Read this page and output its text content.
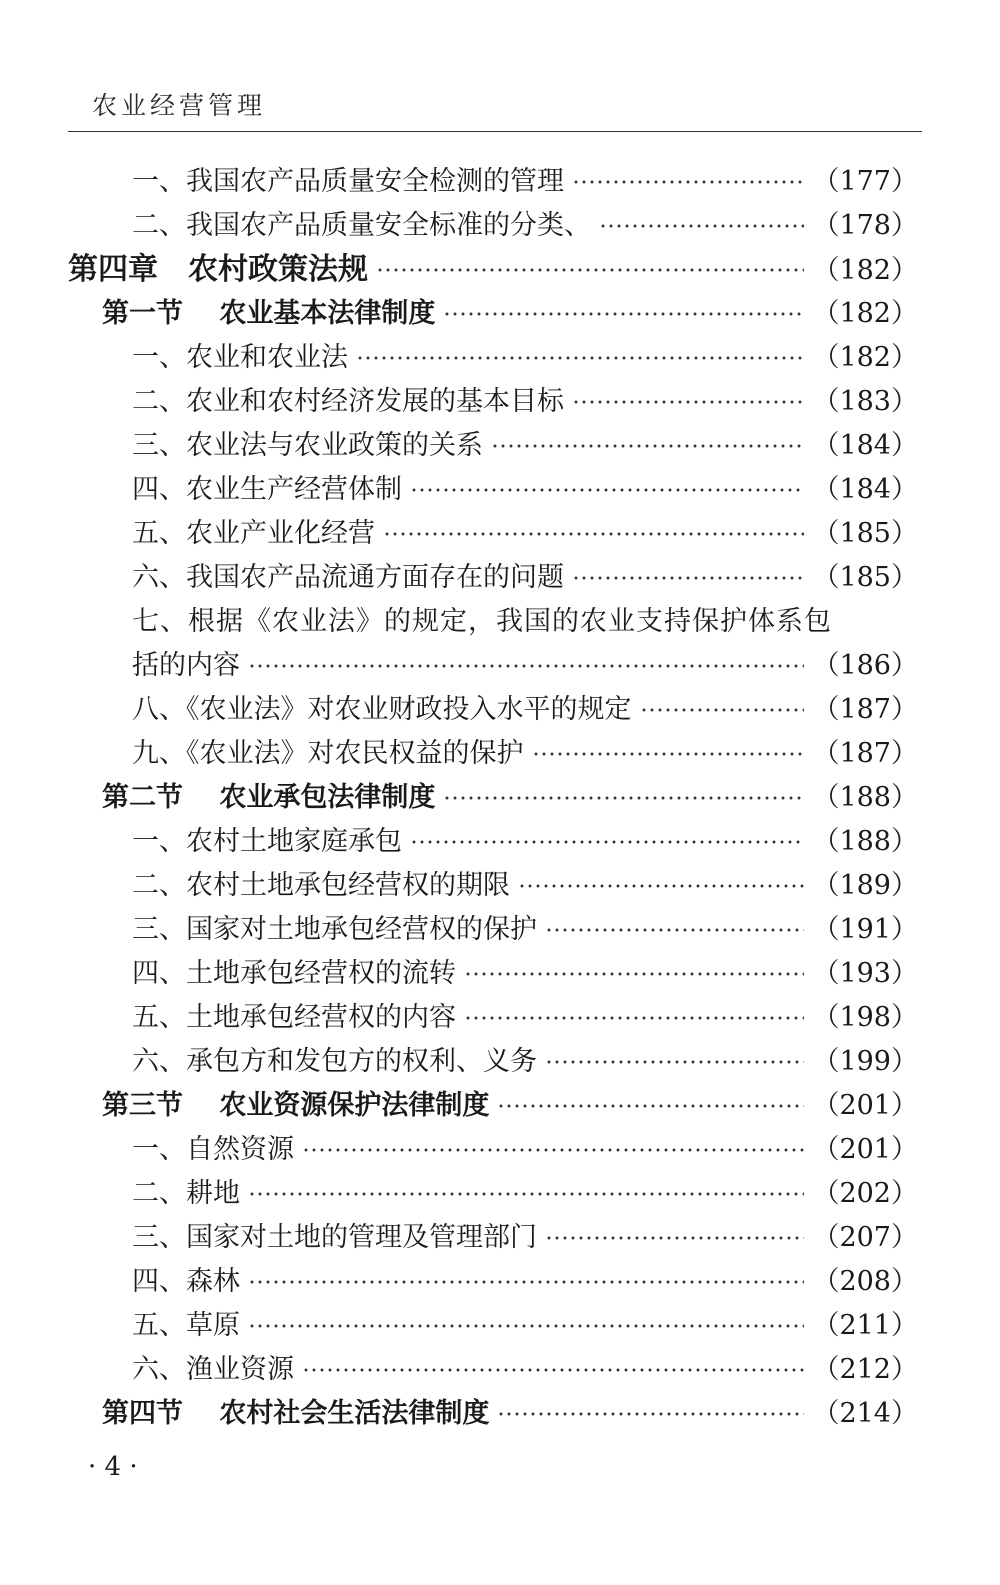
农业经营管理
一、我国农产品质量安全检测的管理	（177）
二、我国农产品质量安全标准的分类、	（178）
第四章　农村政策法规	（182）
第一节　 农业基本法律制度	（182）
一、农业和农业法	（182）
二、农业和农村经济发展的基本目标	（183）
三、农业法与农业政策的关系	（184）
四、农业生产经营体制	（184）
五、农业产业化经营	（185）
六、我国农产品流通方面存在的问题	（185）
七、根据《农业法》的规定，我国的农业支持保护体系包
括的内容	（186）
八、《农业法》对农业财政投入水平的规定	（187）
九、《农业法》对农民权益的保护	（187）
第二节　 农业承包法律制度	（188）
一、农村土地家庭承包	（188）
二、农村土地承包经营权的期限	（189）
三、国家对土地承包经营权的保护	（191）
四、土地承包经营权的流转	（193）
五、土地承包经营权的内容	（198）
六、承包方和发包方的权利、义务	（199）
第三节　 农业资源保护法律制度	（201）
一、自然资源	（201）
二、耕地	（202）
三、国家对土地的管理及管理部门	（207）
四、森林	（208）
五、草原	（211）
六、渔业资源	（212）
第四节　 农村社会生活法律制度	（214）
· 4 ·
